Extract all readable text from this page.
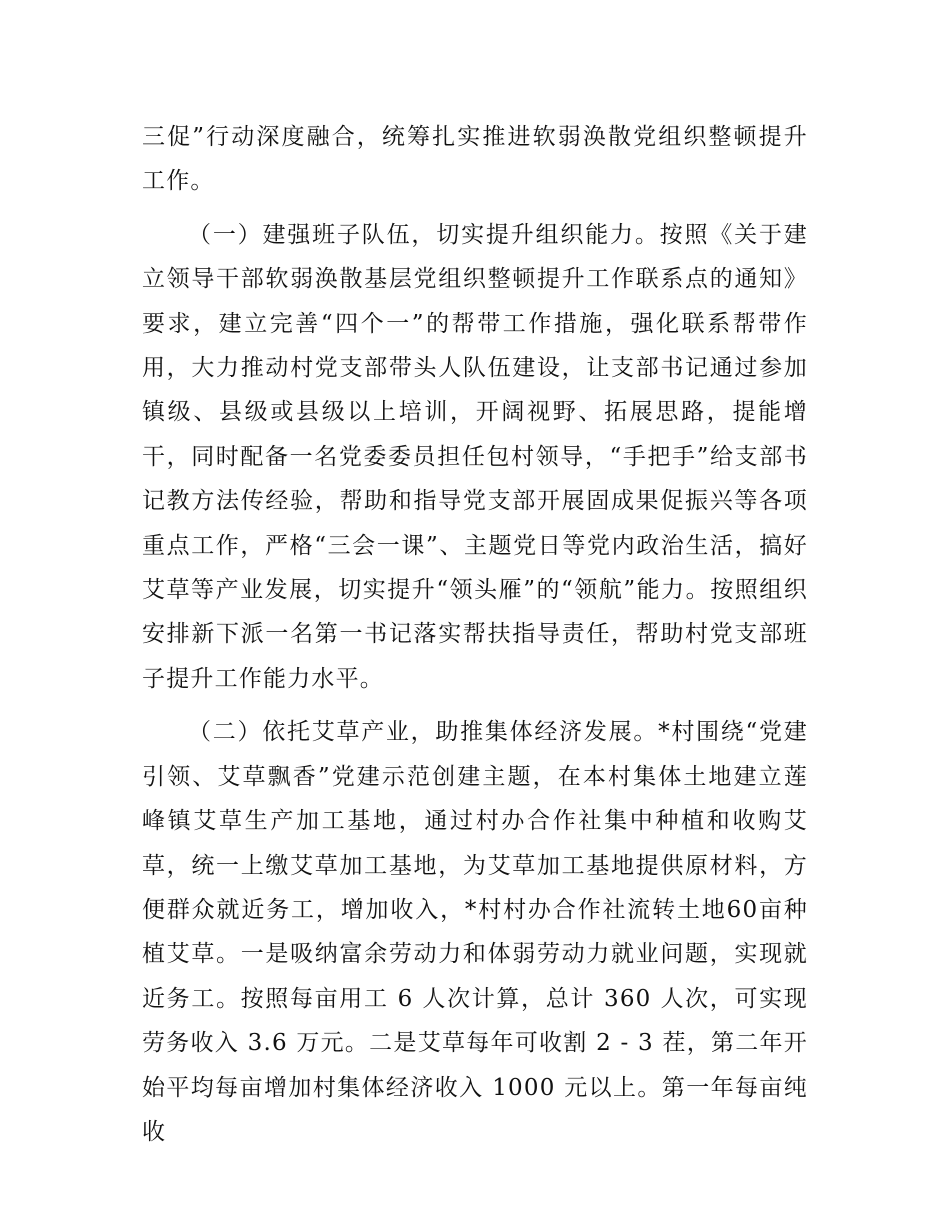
三促”行动深度融合，统筹扎实推进软弱涣散党组织整顿提升工作。

（一）建强班子队伍，切实提升组织能力。按照《关于建立领导干部软弱涣散基层党组织整顿提升工作联系点的通知》要求，建立完善“四个一”的帮带工作措施，强化联系帮带作用，大力推动村党支部带头人队伍建设，让支部书记通过参加镇级、县级或县级以上培训，开阔视野、拓展思路，提能增干，同时配备一名党委委员担任包村领导，“手把手”给支部书记教方法传经验，帮助和指导党支部开展固成果促振兴等各项重点工作，严格“三会一课”、主题党日等党内政治生活，搞好艾草等产业发展，切实提升“领头雁”的“领航”能力。按照组织安排新下派一名第一书记落实帮扶指导责任，帮助村党支部班子提升工作能力水平。

（二）依托艾草产业，助推集体经济发展。*村围绕“党建引领、艾草飘香”党建示范创建主题，在本村集体土地建立莲峰镇艾草生产加工基地，通过村办合作社集中种植和收购艾草，统一上缴艾草加工基地，为艾草加工基地提供原材料，方便群众就近务工，增加收入，*村村办合作社流转土地60亩种植艾草。一是吸纳富余劳动力和体弱劳动力就业问题，实现就近务工。按照每亩用工 6 人次计算，总计 360 人次，可实现劳务收入 3.6 万元。二是艾草每年可收割 2 - 3 茬，第二年开始平均每亩增加村集体经济收入 1000 元以上。第一年每亩纯收
